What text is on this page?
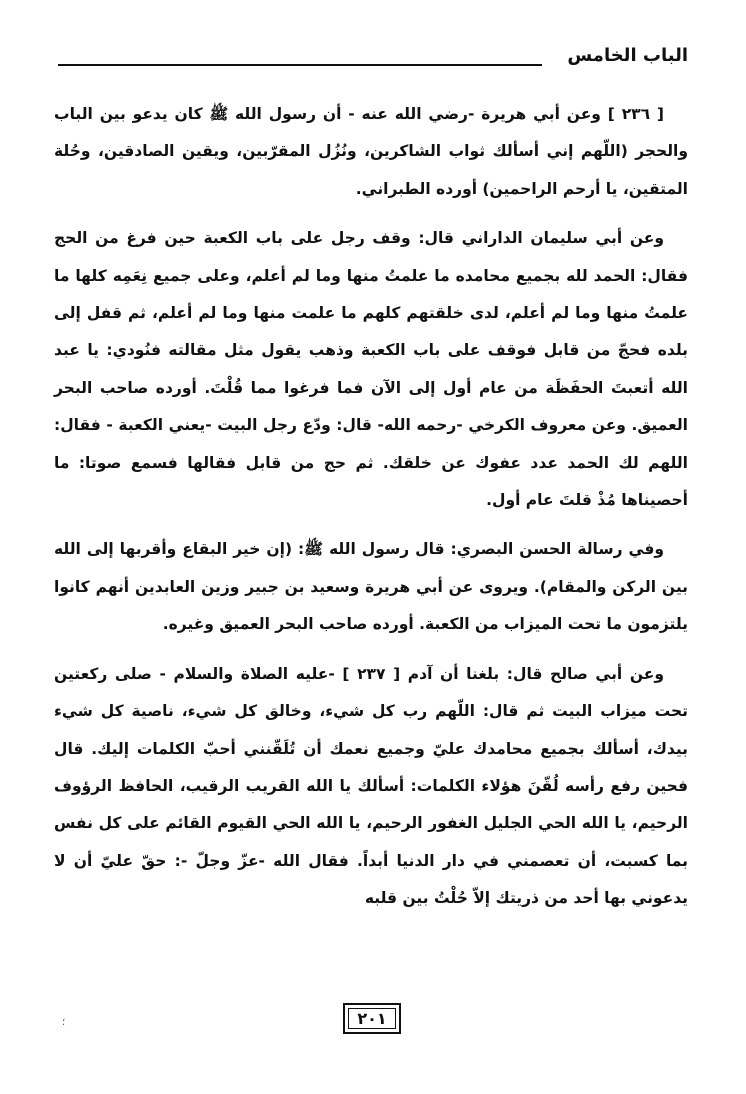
الباب الخامس

[ ٢٣٦ ] وعن أبي هريرة -رضي الله عنه - أن رسول الله ﷺ كان يدعو بين الباب والحجر (اللّهم إني أسألك ثواب الشاكرين، ونُزُل المقرّبين، ويقين الصادقين، وحُلة المتقين، يا أرحم الراحمين) أورده الطبراني.

وعن أبي سليمان الداراني قال: وقف رجل على باب الكعبة حين فرغ من الحج فقال: الحمد لله بجميع محامده ما علمتُ منها وما لم أعلم، وعلى جميع نِعَمِه كلها ما علمتُ منها وما لم أعلم، لدى خلقتهم كلهم ما علمت منها وما لم أعلم، ثم قفل إلى بلده فحجّ من قابل فوقف على باب الكعبة وذهب يقول مثل مقالته فنُودي: يا عبد الله أتعبتَ الحفَظَة من عام أول إلى الآن فما فرغوا مما قُلْتَ. أورده صاحب البحر العميق. وعن معروف الكرخي -رحمه الله- قال: ودّع رجل البيت -يعني الكعبة - فقال: اللهم لك الحمد عدد عفوك عن خلقك. ثم حج من قابل فقالها فسمع صوتا: ما أحصيناها مُذْ قلتَ عام أول.

وفي رسالة الحسن البصري: قال رسول الله ﷺ: (إن خير البقاع وأقربها إلى الله بين الركن والمقام). ويروى عن أبي هريرة وسعيد بن جبير وزين العابدين أنهم كانوا يلتزمون ما تحت الميزاب من الكعبة. أورده صاحب البحر العميق وغيره.

وعن أبي صالح قال: بلغنا أن آدم [ ٢٣٧ ] -عليه الصلاة والسلام - صلى ركعتين تحت ميزاب البيت ثم قال: اللّهم رب كل شيء، وخالق كل شيء، ناصية كل شيء بيدك، أسألك بجميع محامدك عليّ وجميع نعمك أن تُلَقّنني أحبّ الكلمات إليك. قال فحين رفع رأسه لُقّنَ هؤلاء الكلمات: أسألك يا الله القريب الرقيب، الحافظ الرؤوف الرحيم، يا الله الحي الجليل الغفور الرحيم، يا الله الحي القيوم القائم على كل نفس بما كسبت، أن تعصمني في دار الدنيا أبداً. فقال الله -عزّ وجلّ -: حقّ عليّ أن لا يدعوني بها أحد من ذريتك إلاّ حُلْتُ بين قلبه

٢٠١
؛
